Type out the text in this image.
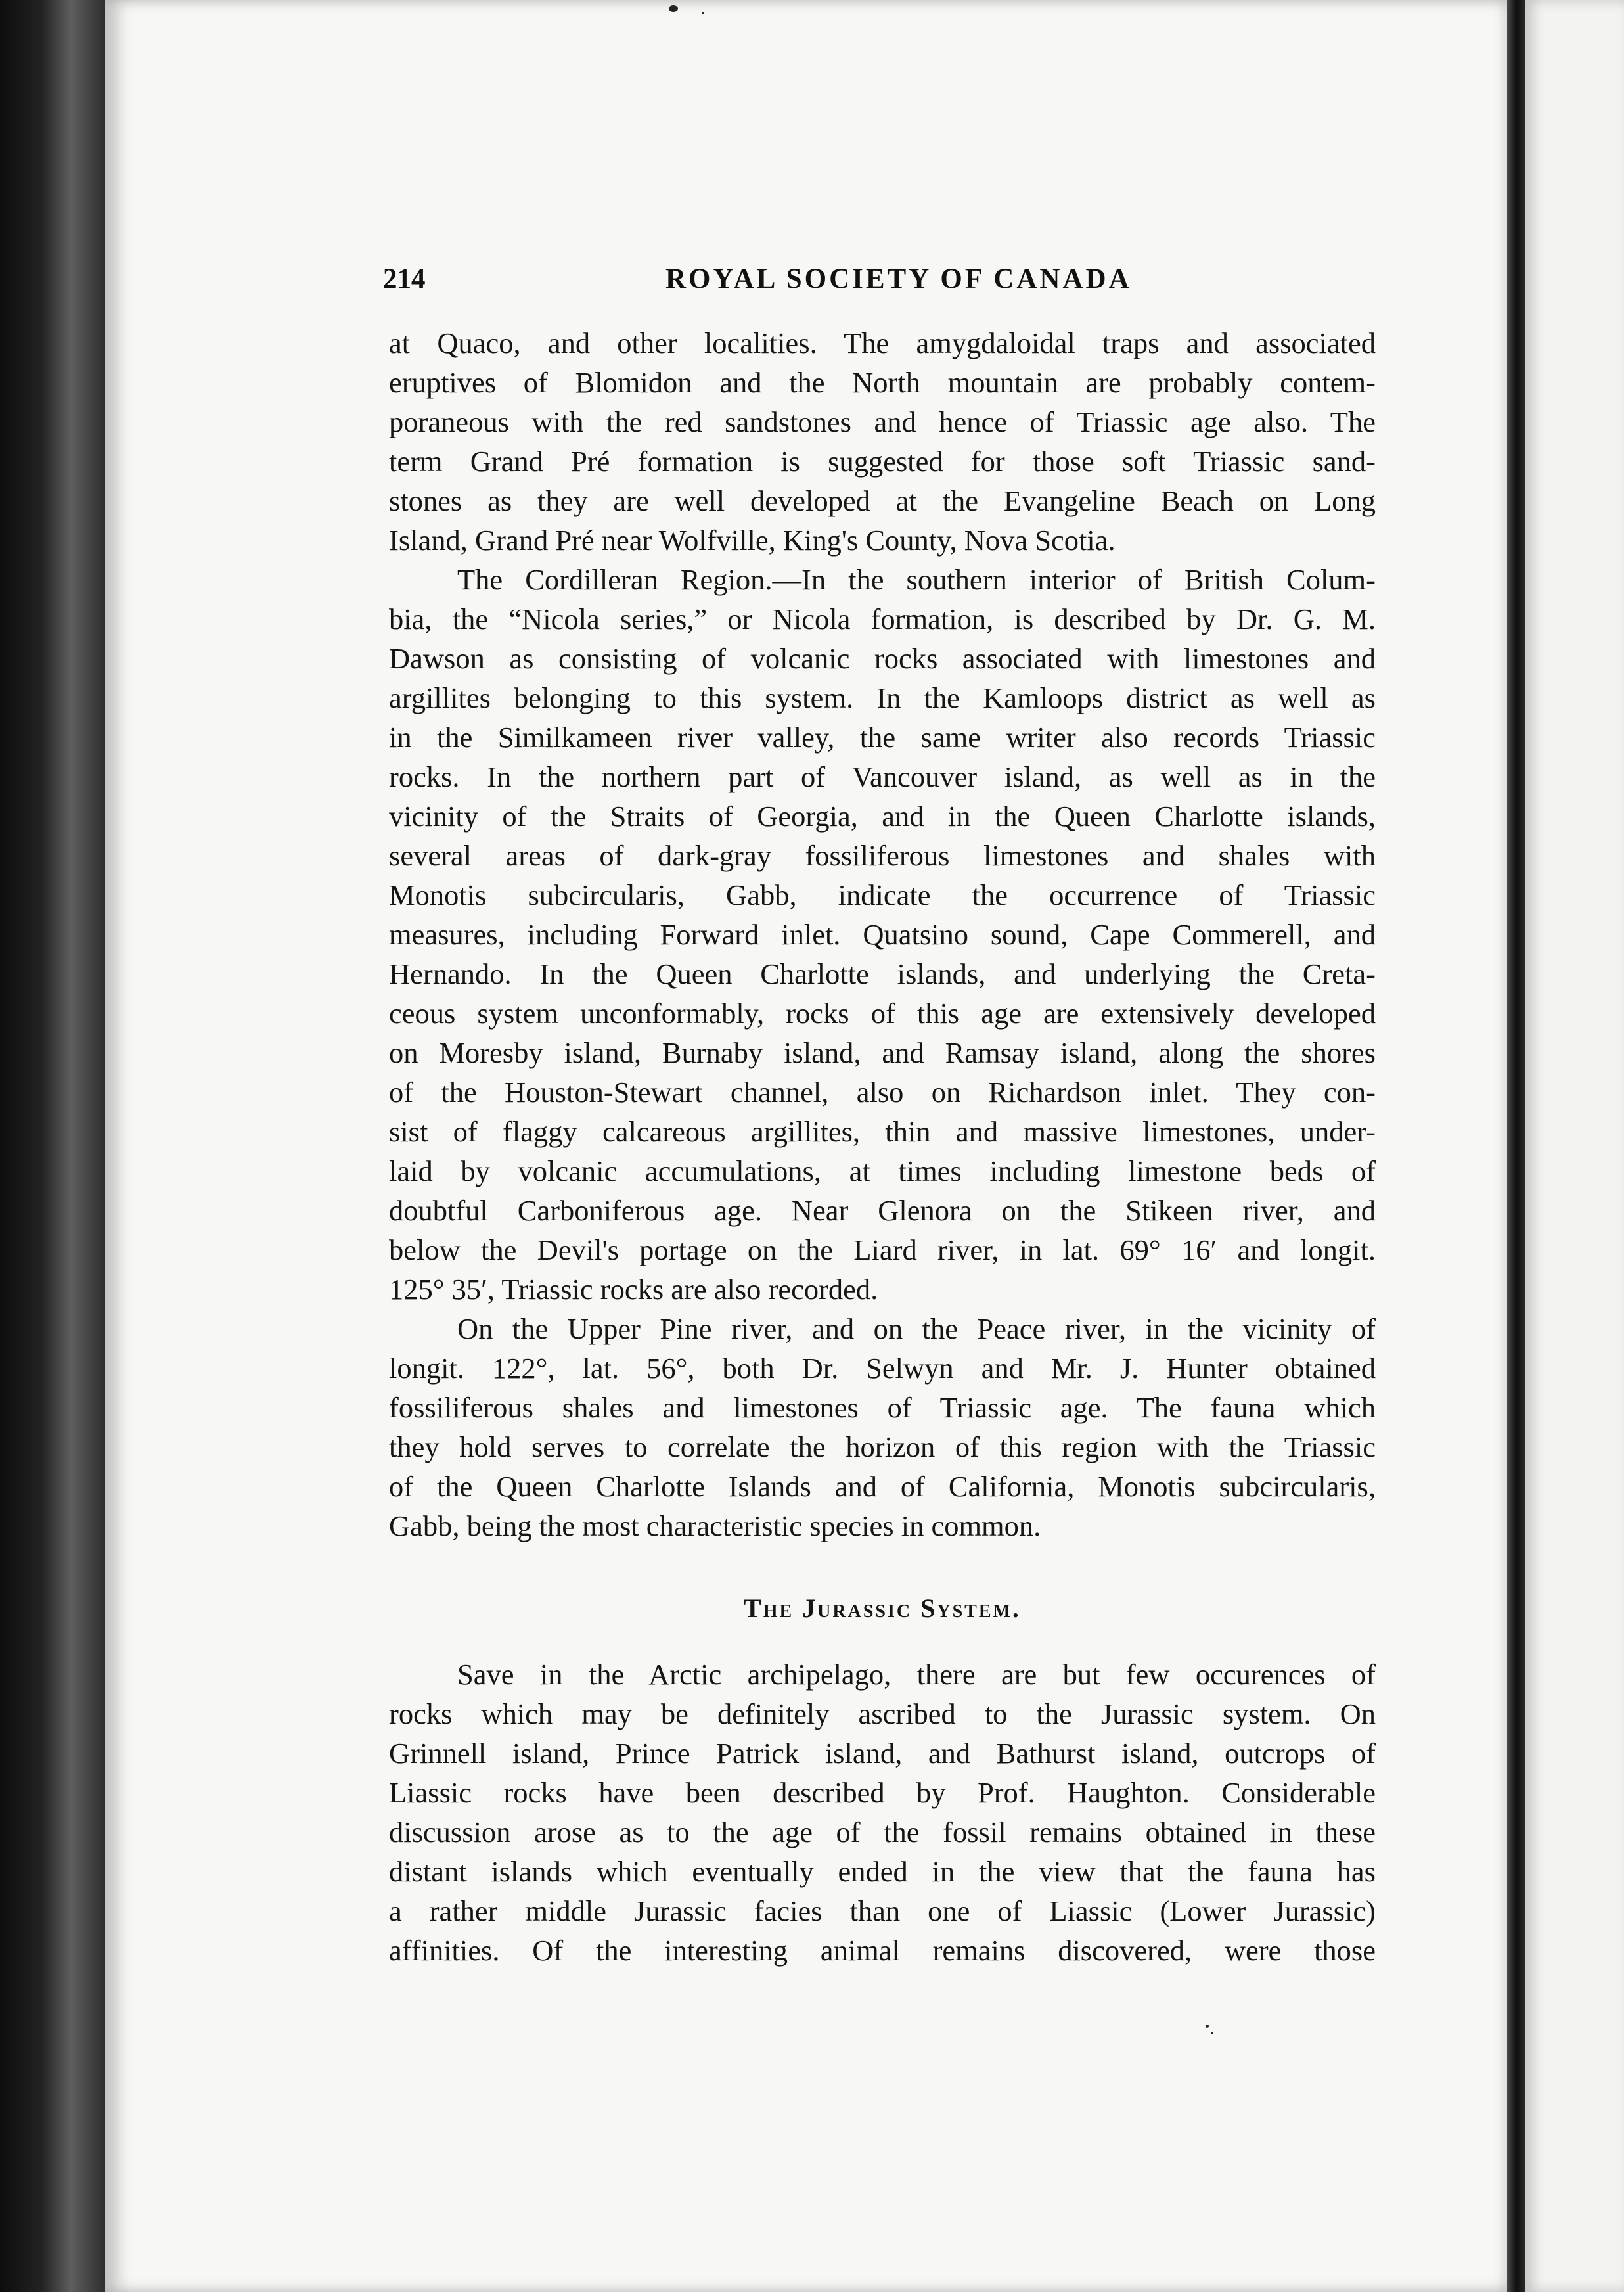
214	ROYAL SOCIETY OF CANADA

at Quaco, and other localities. The amygdaloidal traps and associated
eruptives of Blomidon and the North mountain are probably contem-
poraneous with the red sandstones and hence of Triassic age also. The
term Grand Pré formation is suggested for those soft Triassic sand-
stones as they are well developed at the Evangeline Beach on Long
Island, Grand Pré near Wolfville, King's County, Nova Scotia.

The Cordilleran Region.—In the southern interior of British Colum-
bia, the “Nicola series,” or Nicola formation, is described by Dr. G. M.
Dawson as consisting of volcanic rocks associated with limestones and
argillites belonging to this system. In the Kamloops district as well as
in the Similkameen river valley, the same writer also records Triassic
rocks. In the northern part of Vancouver island, as well as in the
vicinity of the Straits of Georgia, and in the Queen Charlotte islands,
several areas of dark-gray fossiliferous limestones and shales with
Monotis subcircularis, Gabb, indicate the occurrence of Triassic
measures, including Forward inlet. Quatsino sound, Cape Commerell, and
Hernando. In the Queen Charlotte islands, and underlying the Creta-
ceous system unconformably, rocks of this age are extensively developed
on Moresby island, Burnaby island, and Ramsay island, along the shores
of the Houston-Stewart channel, also on Richardson inlet. They con-
sist of flaggy calcareous argillites, thin and massive limestones, under-
laid by volcanic accumulations, at times including limestone beds of
doubtful Carboniferous age. Near Glenora on the Stikeen river, and
below the Devil's portage on the Liard river, in lat. 69° 16′ and longit.
125° 35′, Triassic rocks are also recorded.

On the Upper Pine river, and on the Peace river, in the vicinity of
longit. 122°, lat. 56°, both Dr. Selwyn and Mr. J. Hunter obtained
fossiliferous shales and limestones of Triassic age. The fauna which
they hold serves to correlate the horizon of this region with the Triassic
of the Queen Charlotte Islands and of California, Monotis subcircularis,
Gabb, being the most characteristic species in common.

The Jurassic System.

Save in the Arctic archipelago, there are but few occurences of
rocks which may be definitely ascribed to the Jurassic system. On
Grinnell island, Prince Patrick island, and Bathurst island, outcrops of
Liassic rocks have been described by Prof. Haughton. Considerable
discussion arose as to the age of the fossil remains obtained in these
distant islands which eventually ended in the view that the fauna has
a rather middle Jurassic facies than one of Liassic (Lower Jurassic)
affinities. Of the interesting animal remains discovered, were those
